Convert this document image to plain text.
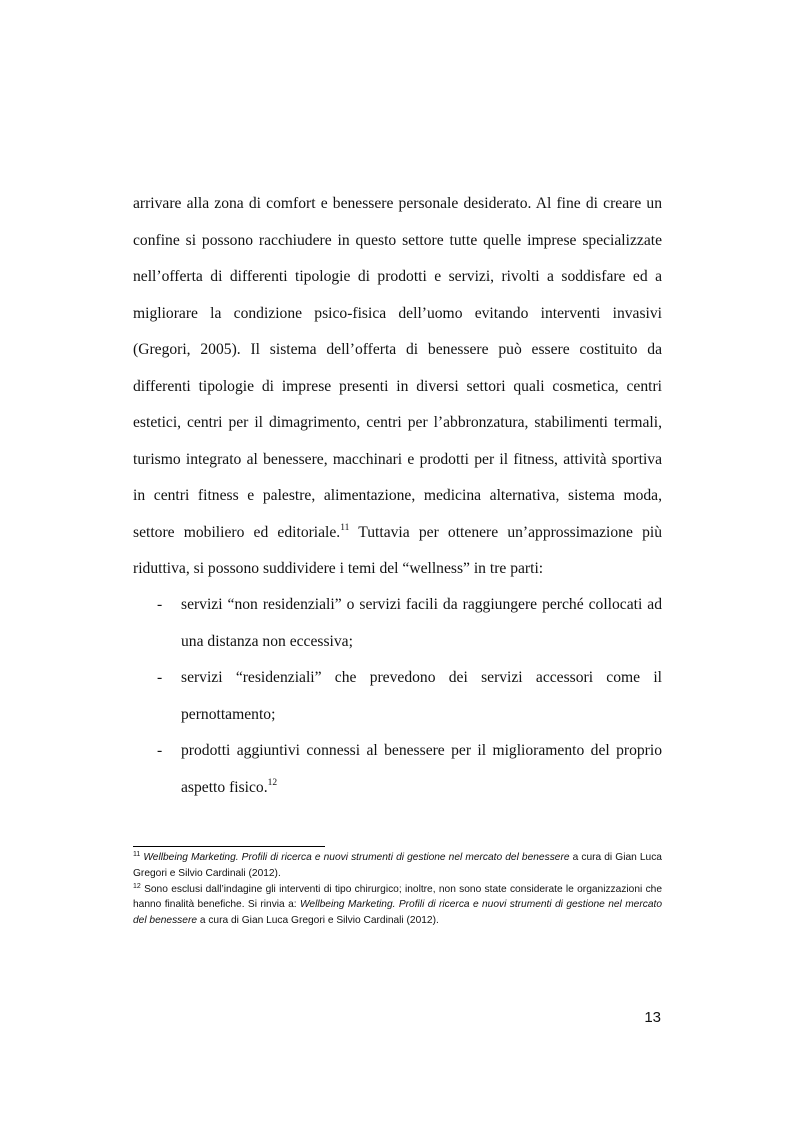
arrivare alla zona di comfort e benessere personale desiderato. Al fine di creare un confine si possono racchiudere in questo settore tutte quelle imprese specializzate nell’offerta di differenti tipologie di prodotti e servizi, rivolti a soddisfare ed a migliorare la condizione psico-fisica dell’uomo evitando interventi invasivi (Gregori, 2005). Il sistema dell’offerta di benessere può essere costituito da differenti tipologie di imprese presenti in diversi settori quali cosmetica, centri estetici, centri per il dimagrimento, centri per l’abbronzatura, stabilimenti termali, turismo integrato al benessere, macchinari e prodotti per il fitness, attività sportiva in centri fitness e palestre, alimentazione, medicina alternativa, sistema moda, settore mobiliero ed editoriale.$^{11}$ Tuttavia per ottenere un’approssimazione più riduttiva, si possono suddividere i temi del “wellness” in tre parti:

- servizi “non residenziali” o servizi facili da raggiungere perché collocati ad una distanza non eccessiva;
- servizi “residenziali” che prevedono dei servizi accessori come il pernottamento;
- prodotti aggiuntivi connessi al benessere per il miglioramento del proprio aspetto fisico.$^{12}$

$^{11}$ Wellbeing Marketing. Profili di ricerca e nuovi strumenti di gestione nel mercato del benessere a cura di Gian Luca Gregori e Silvio Cardinali (2012).

$^{12}$ Sono esclusi dall’indagine gli interventi di tipo chirurgico; inoltre, non sono state considerate le organizzazioni che hanno finalità benefiche. Si rinvia a: Wellbeing Marketing. Profili di ricerca e nuovi strumenti di gestione nel mercato del benessere a cura di Gian Luca Gregori e Silvio Cardinali (2012).

13
